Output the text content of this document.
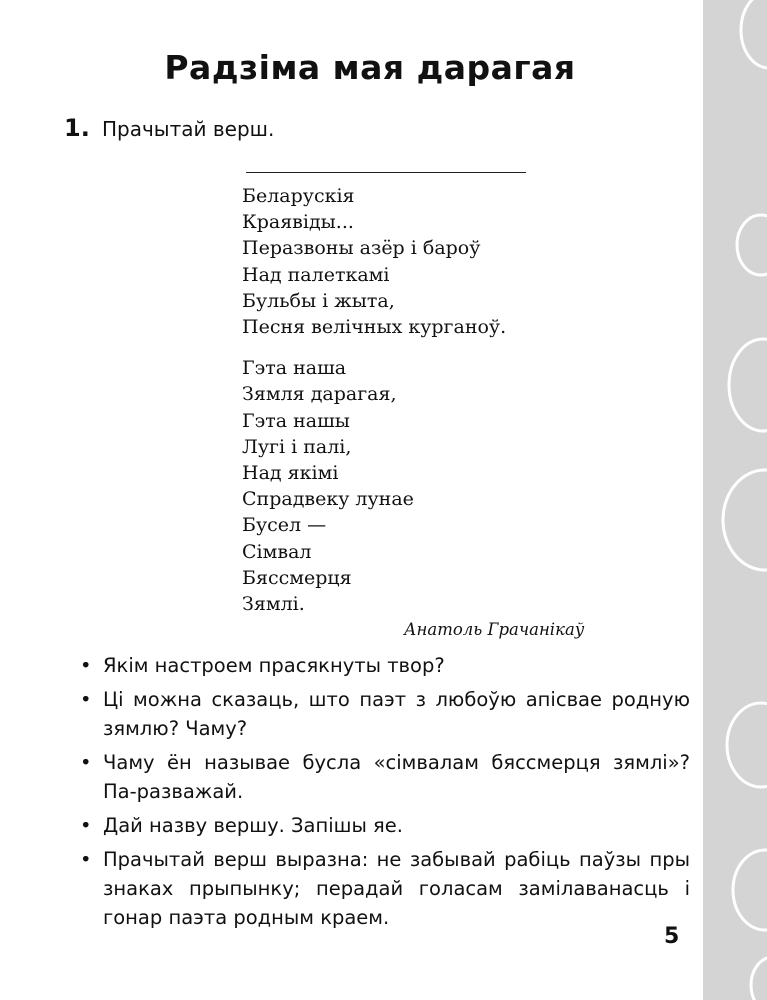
Радзіма мая дарагая
1. Прачытай верш.

Беларускія
Краявіды...
Перазвоны азёр і бароў
Над палеткамі
Бульбы і жыта,
Песня велічных курганоў.

Гэта наша
Зямля дарагая,
Гэта нашы
Лугі і палі,
Над якімі
Спрадвеку лунае
Бусел —
Сімвал
Бяссмерця
Зямлі.

Анатоль Грачанікаў
• Якім настроем прасякнуты твор?
• Ці можна сказаць, што паэт з любоўю апісвае родную зямлю? Чаму?
• Чаму ён называе бусла «сімвалам бяссмерця зямлі»? Па-разважай.
• Дай назву вершу. Запішы яе.
• Прачытай верш выразна: не забывай рабіць паўзы пры знаках прыпынку; перадай голасам замілаванасць і гонар паэта родным краем.
5
